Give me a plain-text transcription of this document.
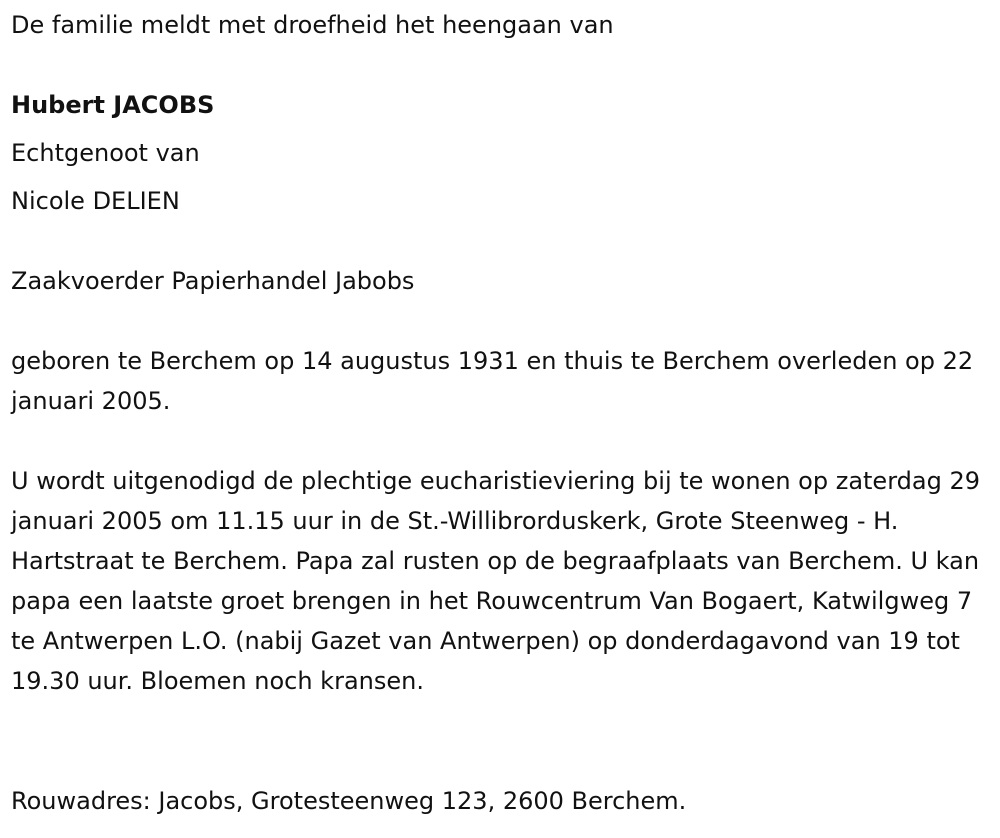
De familie meldt met droefheid het heengaan van
Hubert JACOBS
Echtgenoot van
Nicole DELIEN
Zaakvoerder Papierhandel Jabobs
geboren te Berchem op 14 augustus 1931 en thuis te Berchem overleden op 22 januari 2005.
U wordt uitgenodigd de plechtige eucharistieviering bij te wonen op zaterdag 29 januari 2005 om 11.15 uur in de St.-Willibrorduskerk, Grote Steenweg - H. Hartstraat te Berchem. Papa zal rusten op de begraafplaats van Berchem. U kan papa een laatste groet brengen in het Rouwcentrum Van Bogaert, Katwilgweg 7 te Antwerpen L.O. (nabij Gazet van Antwerpen) op donderdagavond van 19 tot 19.30 uur. Bloemen noch kransen.
Rouwadres: Jacobs, Grotesteenweg 123, 2600 Berchem.
